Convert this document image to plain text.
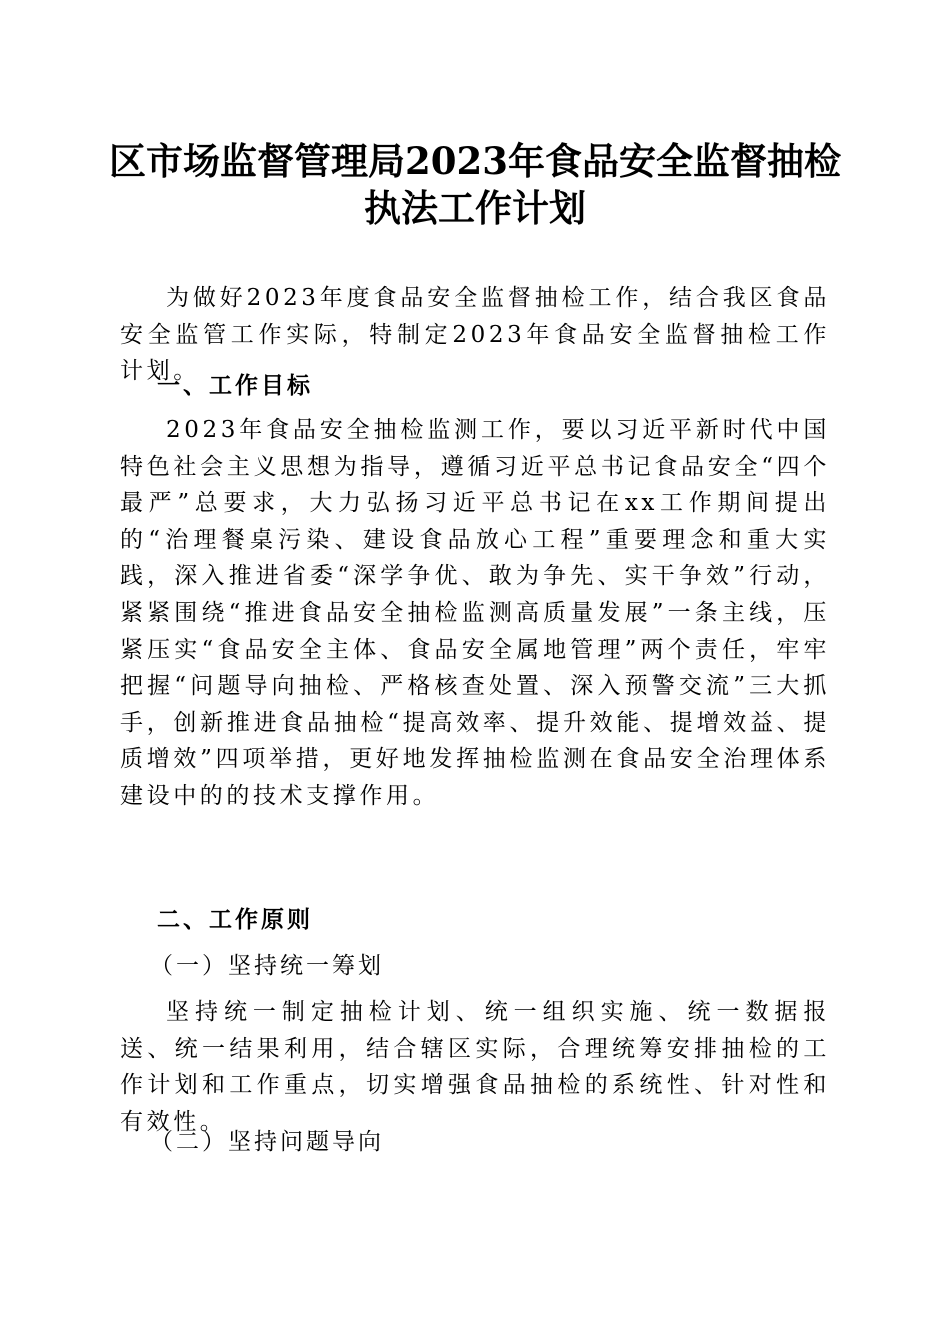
区市场监督管理局2023年食品安全监督抽检
执法工作计划

为做好2023年度食品安全监督抽检工作，结合我区食品安全监管工作实际，特制定2023年食品安全监督抽检工作计划。

一、工作目标

2023年食品安全抽检监测工作，要以习近平新时代中国特色社会主义思想为指导，遵循习近平总书记食品安全“四个最严”总要求，大力弘扬习近平总书记在xx工作期间提出的“治理餐桌污染、建设食品放心工程”重要理念和重大实践，深入推进省委“深学争优、敢为争先、实干争效”行动，紧紧围绕“推进食品安全抽检监测高质量发展”一条主线，压紧压实“食品安全主体、食品安全属地管理”两个责任，牢牢把握“问题导向抽检、严格核查处置、深入预警交流”三大抓手，创新推进食品抽检“提高效率、提升效能、提增效益、提质增效”四项举措，更好地发挥抽检监测在食品安全治理体系建设中的的技术支撑作用。

二、工作原则
（一）坚持统一筹划

坚持统一制定抽检计划、统一组织实施、统一数据报送、统一结果利用，结合辖区实际，合理统筹安排抽检的工作计划和工作重点，切实增强食品抽检的系统性、针对性和有效性。

（二）坚持问题导向
